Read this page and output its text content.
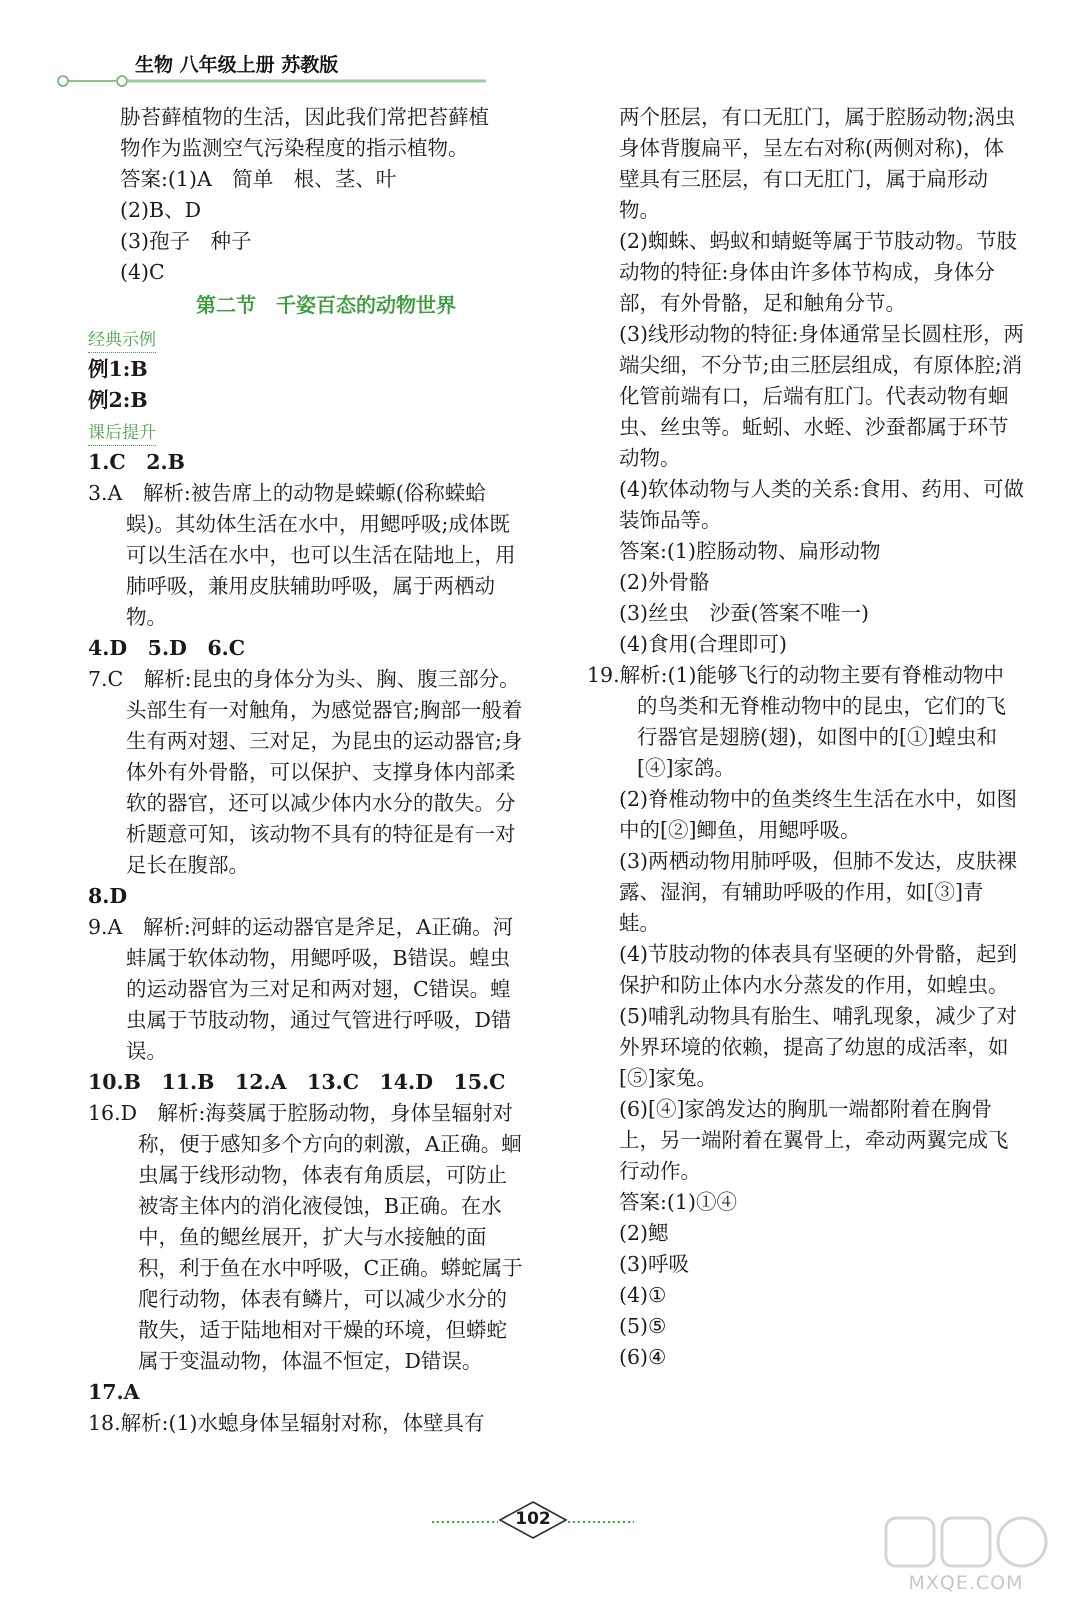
生物 八年级上册 苏教版

胁苔藓植物的生活，因此我们常把苔藓植

物作为监测空气污染程度的指示植物。

答案:(1)A　简单　根、茎、叶

(2)B、D

(3)孢子　种子

(4)C

第二节　千姿百态的动物世界
经典示例

例1:B

例2:B

课后提升

1.C　2.B

3.A　解析:被告席上的动物是蝾螈(俗称蝾蛤蜈)。其幼体生活在水中，用鳃呼吸;成体既可以生活在水中，也可以生活在陆地上，用肺呼吸，兼用皮肤辅助呼吸，属于两栖动物。

4.D　5.D　6.C

7.C　解析:昆虫的身体分为头、胸、腹三部分。头部生有一对触角，为感觉器官;胸部一般着生有两对翅、三对足，为昆虫的运动器官;身体外有外骨骼，可以保护、支撑身体内部柔软的器官，还可以减少体内水分的散失。分析题意可知，该动物不具有的特征是有一对足长在腹部。

8.D

9.A　解析:河蚌的运动器官是斧足，A正确。河蚌属于软体动物，用鳃呼吸，B错误。蝗虫的运动器官为三对足和两对翅，C错误。蝗虫属于节肢动物，通过气管进行呼吸，D错误。

10.B　11.B　12.A　13.C　14.D　15.C

16.D　解析:海葵属于腔肠动物，身体呈辐射对称，便于感知多个方向的刺激，A正确。蛔虫属于线形动物，体表有角质层，可防止被寄主体内的消化液侵蚀，B正确。在水中，鱼的鳃丝展开，扩大与水接触的面积，利于鱼在水中呼吸，C正确。蟒蛇属于爬行动物，体表有鳞片，可以减少水分的散失，适于陆地相对干燥的环境，但蟒蛇属于变温动物，体温不恒定，D错误。

17.A

18.解析:(1)水螅身体呈辐射对称，体壁具有

两个胚层，有口无肛门，属于腔肠动物;涡虫身体背腹扁平，呈左右对称(两侧对称)，体壁具有三胚层，有口无肛门，属于扁形动物。

(2)蜘蛛、蚂蚁和蜻蜓等属于节肢动物。节肢动物的特征:身体由许多体节构成，身体分部，有外骨骼，足和触角分节。

(3)线形动物的特征:身体通常呈长圆柱形，两端尖细，不分节;由三胚层组成，有原体腔;消化管前端有口，后端有肛门。代表动物有蛔虫、丝虫等。蚯蚓、水蛭、沙蚕都属于环节动物。

(4)软体动物与人类的关系:食用、药用、可做装饰品等。

答案:(1)腔肠动物、扁形动物

(2)外骨骼

(3)丝虫　沙蚕(答案不唯一)

(4)食用(合理即可)

19.解析:(1)能够飞行的动物主要有脊椎动物中的鸟类和无脊椎动物中的昆虫，它们的飞行器官是翅膀(翅)，如图中的[①]蝗虫和[④]家鸽。

(2)脊椎动物中的鱼类终生生活在水中，如图中的[②]鲫鱼，用鳃呼吸。

(3)两栖动物用肺呼吸，但肺不发达，皮肤裸露、湿润，有辅助呼吸的作用，如[③]青蛙。

(4)节肢动物的体表具有坚硬的外骨骼，起到保护和防止体内水分蒸发的作用，如蝗虫。

(5)哺乳动物具有胎生、哺乳现象，减少了对外界环境的依赖，提高了幼崽的成活率，如[⑤]家兔。

(6)[④]家鸽发达的胸肌一端都附着在胸骨上，另一端附着在翼骨上，牵动两翼完成飞行动作。

答案:(1)①④

(2)鳃

(3)呼吸

(4)①

(5)⑤

(6)④

102
MXQE.COM
